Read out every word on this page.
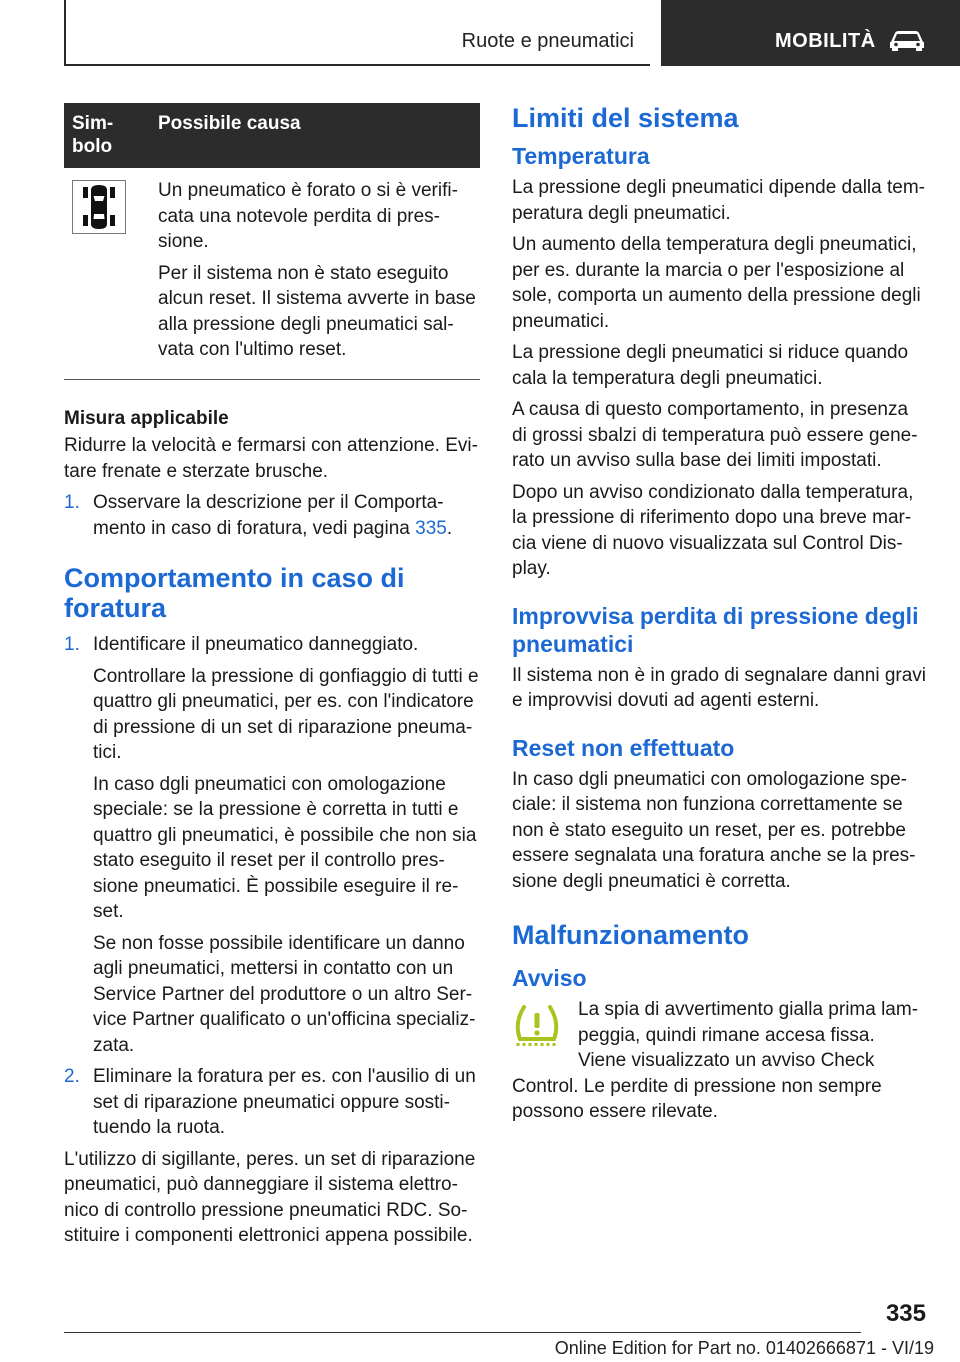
Ruote e pneumatici	MOBILITÀ
Sim‐
bolo
Possibile causa

Un pneumatico è forato o si è verifi‐ cata una notevole perdita di pres‐ sione.

Per il sistema non è stato eseguito alcun reset. Il sistema avverte in base alla pressione degli pneumatici sal‐ vata con l'ultimo reset.

Misura applicabile

Ridurre la velocità e fermarsi con attenzione. Evi‐ tare frenate e sterzate brusche.

1. Osservare la descrizione per il Comporta‐ mento in caso di foratura, vedi pagina 335.
Comportamento in caso di foratura
1. Identificare il pneumatico danneggiato.

Controllare la pressione di gonfiaggio di tutti e quattro gli pneumatici, per es. con l'indicatore di pressione di un set di riparazione pneuma‐ tici.

In caso dgli pneumatici con omologazione speciale: se la pressione è corretta in tutti e quattro gli pneumatici, è possibile che non sia stato eseguito il reset per il controllo pres‐ sione pneumatici. È possibile eseguire il re‐ set.

Se non fosse possibile identificare un danno agli pneumatici, mettersi in contatto con un Service Partner del produttore o un altro Ser‐ vice Partner qualificato o un'officina specializ‐ zata.

2. Eliminare la foratura per es. con l'ausilio di un set di riparazione pneumatici oppure sosti‐ tuendo la ruota.

L'utilizzo di sigillante, peres. un set di riparazione pneumatici, può danneggiare il sistema elettro‐ nico di controllo pressione pneumatici RDC. So‐ stituire i componenti elettronici appena possibile.

Limiti del sistema
Temperatura

La pressione degli pneumatici dipende dalla tem‐ peratura degli pneumatici.

Un aumento della temperatura degli pneumatici, per es. durante la marcia o per l'esposizione al sole, comporta un aumento della pressione degli pneumatici.

La pressione degli pneumatici si riduce quando cala la temperatura degli pneumatici.

A causa di questo comportamento, in presenza di grossi sbalzi di temperatura può essere gene‐ rato un avviso sulla base dei limiti impostati.

Dopo un avviso condizionato dalla temperatura, la pressione di riferimento dopo una breve mar‐ cia viene di nuovo visualizzata sul Control Dis‐ play.

Improvvisa perdita di pressione degli pneumatici

Il sistema non è in grado di segnalare danni gravi e improvvisi dovuti ad agenti esterni.

Reset non effettuato

In caso dgli pneumatici con omologazione spe‐ ciale: il sistema non funziona correttamente se non è stato eseguito un reset, per es. potrebbe essere segnalata una foratura anche se la pres‐ sione degli pneumatici è corretta.

Malfunzionamento
Avviso

La spia di avvertimento gialla prima lam‐ peggia, quindi rimane accesa fissa. Viene visualizzato un avviso Check Control. Le perdite di pressione non sempre possono essere rilevate.

335
Online Edition for Part no. 01402666871 - VI/19
